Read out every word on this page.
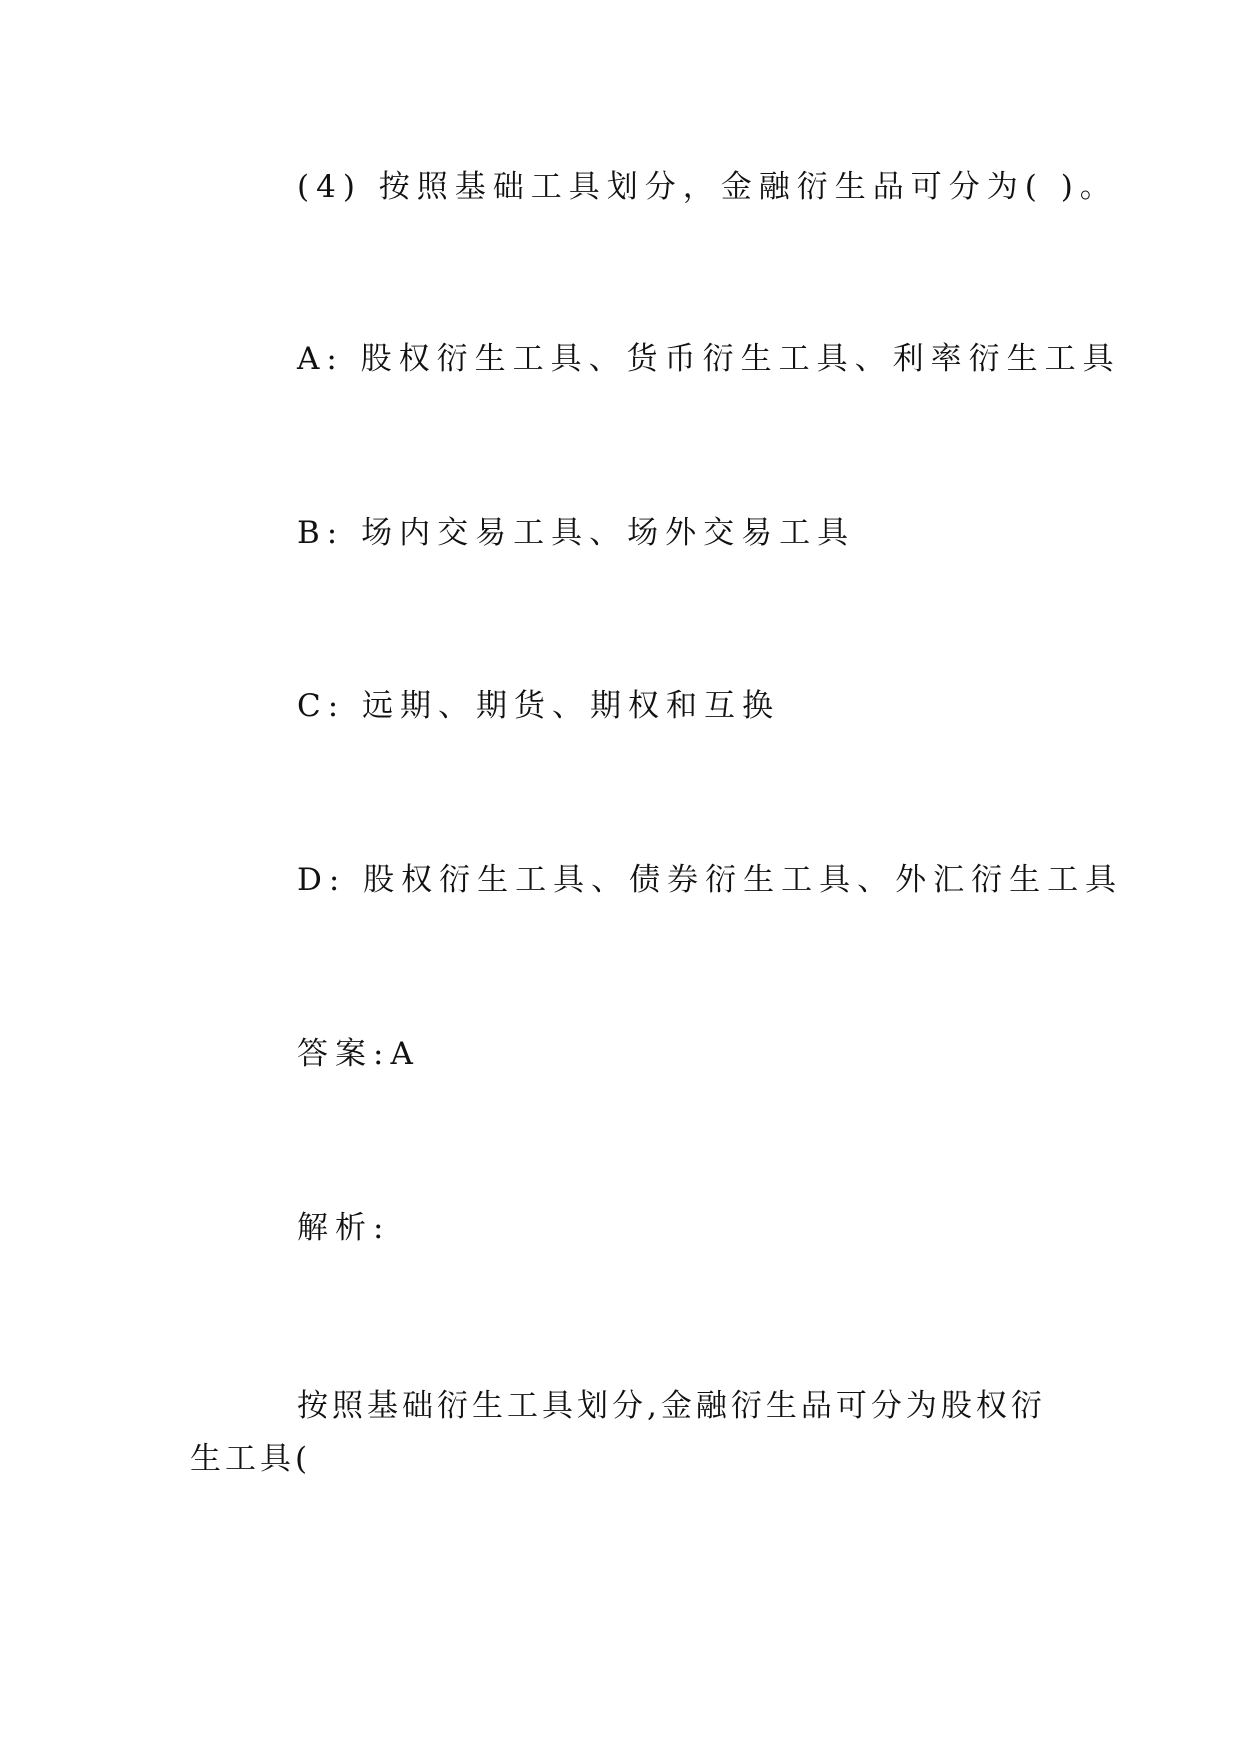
(4) 按照基础工具划分，金融衍生品可分为( )。
A: 股权衍生工具、货币衍生工具、利率衍生工具
B: 场内交易工具、场外交易工具
C: 远期、期货、期权和互换
D: 股权衍生工具、债券衍生工具、外汇衍生工具
答案:A
解析:
按照基础衍生工具划分,金融衍生品可分为股权衍生工具(
